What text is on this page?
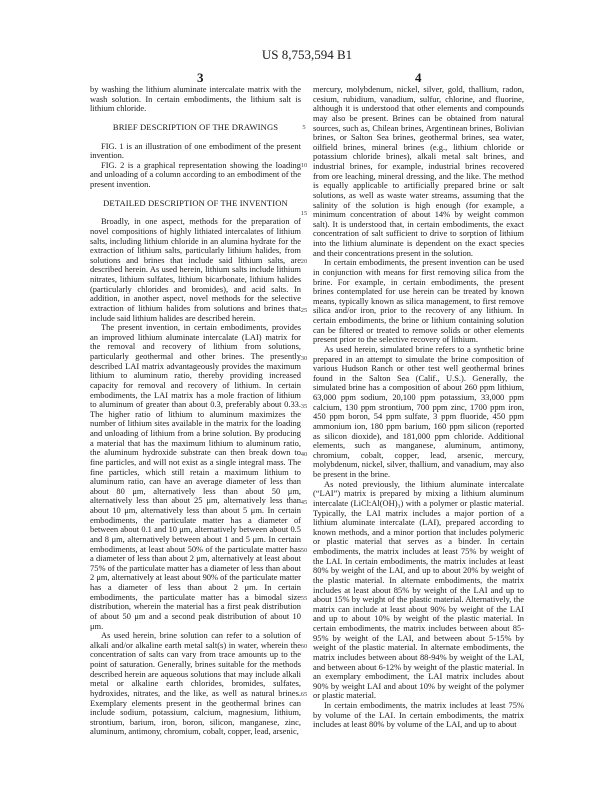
US 8,753,594 B1
3	4

by washing the lithium aluminate intercalate matrix with the wash solution. In certain embodiments, the lithium salt is lithium chloride.

BRIEF DESCRIPTION OF THE DRAWINGS

FIG. 1 is an illustration of one embodiment of the present invention.

FIG. 2 is a graphical representation showing the loading and unloading of a column according to an embodiment of the present invention.

DETAILED DESCRIPTION OF THE INVENTION

Broadly, in one aspect, methods for the preparation of novel compositions of highly lithiated intercalates of lithium salts, including lithium chloride in an alumina hydrate for the extraction of lithium salts, particularly lithium halides, from solutions and brines that include said lithium salts, are described herein. As used herein, lithium salts include lithium nitrates, lithium sulfates, lithium bicarbonate, lithium halides (particularly chlorides and bromides), and acid salts. In addition, in another aspect, novel methods for the selective extraction of lithium halides from solutions and brines that include said lithium halides are described herein.

The present invention, in certain embodiments, provides an improved lithium aluminate intercalate (LAI) matrix for the removal and recovery of lithium from solutions, particularly geothermal and other brines. The presently described LAI matrix advantageously provides the maximum lithium to aluminum ratio, thereby providing increased capacity for removal and recovery of lithium. In certain embodiments, the LAI matrix has a mole fraction of lithium to aluminum of greater than about 0.3, preferably about 0.33. The higher ratio of lithium to aluminum maximizes the number of lithium sites available in the matrix for the loading and unloading of lithium from a brine solution. By producing a material that has the maximum lithium to aluminum ratio, the aluminum hydroxide substrate can then break down to fine particles, and will not exist as a single integral mass. The fine particles, which still retain a maximum lithium to aluminum ratio, can have an average diameter of less than about 80 μm, alternatively less than about 50 μm, alternatively less than about 25 μm, alternatively less than about 10 μm, alternatively less than about 5 μm. In certain embodiments, the particulate matter has a diameter of between about 0.1 and 10 μm, alternatively between about 0.5 and 8 μm, alternatively between about 1 and 5 μm. In certain embodiments, at least about 50% of the particulate matter has a diameter of less than about 2 μm, alternatively at least about 75% of the particulate matter has a diameter of less than about 2 μm, alternatively at least about 90% of the particulate matter has a diameter of less than about 2 μm. In certain embodiments, the particulate matter has a bimodal size distribution, wherein the material has a first peak distribution of about 50 μm and a second peak distribution of about 10 μm.

As used herein, brine solution can refer to a solution of alkali and/or alkaline earth metal salt(s) in water, wherein the concentration of salts can vary from trace amounts up to the point of saturation. Generally, brines suitable for the methods described herein are aqueous solutions that may include alkali metal or alkaline earth chlorides, bromides, sulfates, hydroxides, nitrates, and the like, as well as natural brines. Exemplary elements present in the geothermal brines can include sodium, potassium, calcium, magnesium, lithium, strontium, barium, iron, boron, silicon, manganese, zinc, aluminum, antimony, chromium, cobalt, copper, lead, arsenic,

mercury, molybdenum, nickel, silver, gold, thallium, radon, cesium, rubidium, vanadium, sulfur, chlorine, and fluorine, although it is understood that other elements and compounds may also be present. Brines can be obtained from natural sources, such as, Chilean brines, Argentinean brines, Bolivian brines, or Salton Sea brines, geothermal brines, sea water, oilfield brines, mineral brines (e.g., lithium chloride or potassium chloride brines), alkali metal salt brines, and industrial brines, for example, industrial brines recovered from ore leaching, mineral dressing, and the like. The method is equally applicable to artificially prepared brine or salt solutions, as well as waste water streams, assuming that the salinity of the solution is high enough (for example, a minimum concentration of about 14% by weight common salt). It is understood that, in certain embodiments, the exact concentration of salt sufficient to drive to sorption of lithium into the lithium aluminate is dependent on the exact species and their concentrations present in the solution.

In certain embodiments, the present invention can be used in conjunction with means for first removing silica from the brine. For example, in certain embodiments, the present brines contemplated for use herein can be treated by known means, typically known as silica management, to first remove silica and/or iron, prior to the recovery of any lithium. In certain embodiments, the brine or lithium containing solution can be filtered or treated to remove solids or other elements present prior to the selective recovery of lithium.

As used herein, simulated brine refers to a synthetic brine prepared in an attempt to simulate the brine composition of various Hudson Ranch or other test well geothermal brines found in the Salton Sea (Calif., U.S.). Generally, the simulated brine has a composition of about 260 ppm lithium, 63,000 ppm sodium, 20,100 ppm potassium, 33,000 ppm calcium, 130 ppm strontium, 700 ppm zinc, 1700 ppm iron, 450 ppm boron, 54 ppm sulfate, 3 ppm fluoride, 450 ppm ammonium ion, 180 ppm barium, 160 ppm silicon (reported as silicon dioxide), and 181,000 ppm chloride. Additional elements, such as manganese, aluminum, antimony, chromium, cobalt, copper, lead, arsenic, mercury, molybdenum, nickel, silver, thallium, and vanadium, may also be present in the brine.

As noted previously, the lithium aluminate intercalate (“LAI”) matrix is prepared by mixing a lithium aluminum intercalate (LiCl:Al(OH)₃) with a polymer or plastic material. Typically, the LAI matrix includes a major portion of a lithium aluminate intercalate (LAI), prepared according to known methods, and a minor portion that includes polymeric or plastic material that serves as a binder. In certain embodiments, the matrix includes at least 75% by weight of the LAI. In certain embodiments, the matrix includes at least 80% by weight of the LAI, and up to about 20% by weight of the plastic material. In alternate embodiments, the matrix includes at least about 85% by weight of the LAI and up to about 15% by weight of the plastic material. Alternatively, the matrix can include at least about 90% by weight of the LAI and up to about 10% by weight of the plastic material. In certain embodiments, the matrix includes between about 85-95% by weight of the LAI, and between about 5-15% by weight of the plastic material. In alternate embodiments, the matrix includes between about 88-94% by weight of the LAI, and between about 6-12% by weight of the plastic material. In an exemplary embodiment, the LAI matrix includes about 90% by weight LAI and about 10% by weight of the polymer or plastic material.

In certain embodiments, the matrix includes at least 75% by volume of the LAI. In certain embodiments, the matrix includes at least 80% by volume of the LAI, and up to about

5
10
15
20
25
30
35
40
45
50
55
60
65
